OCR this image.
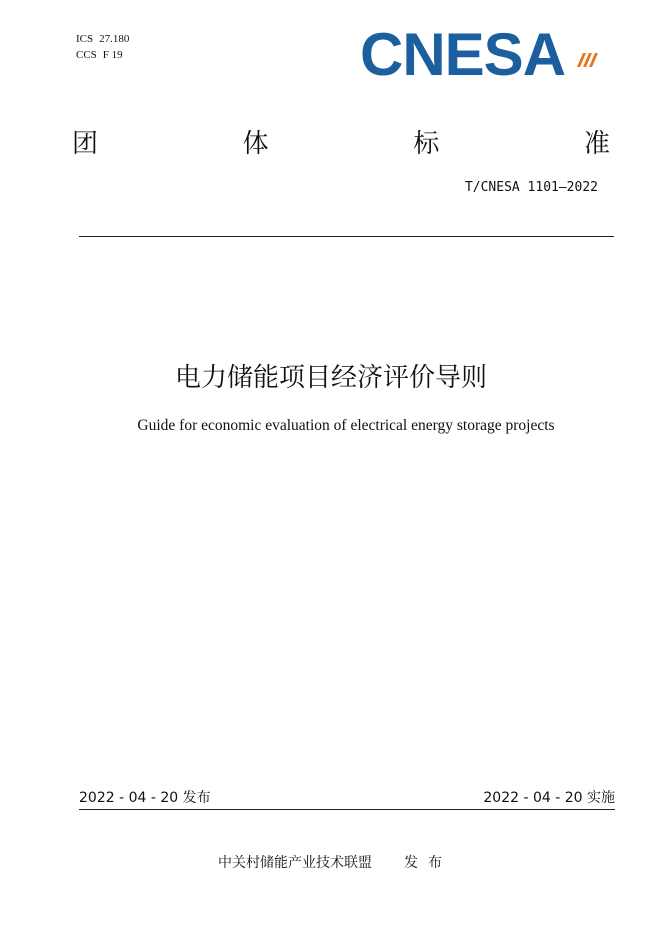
ICS 27.180
CCS F 19	CNESA
团	体	标	准
T/CNESA 1101—2022
电力储能项目经济评价导则
Guide for economic evaluation of electrical energy storage projects
2022 - 04 - 20 发布	2022 - 04 - 20 实施
中关村储能产业技术联盟 发布
